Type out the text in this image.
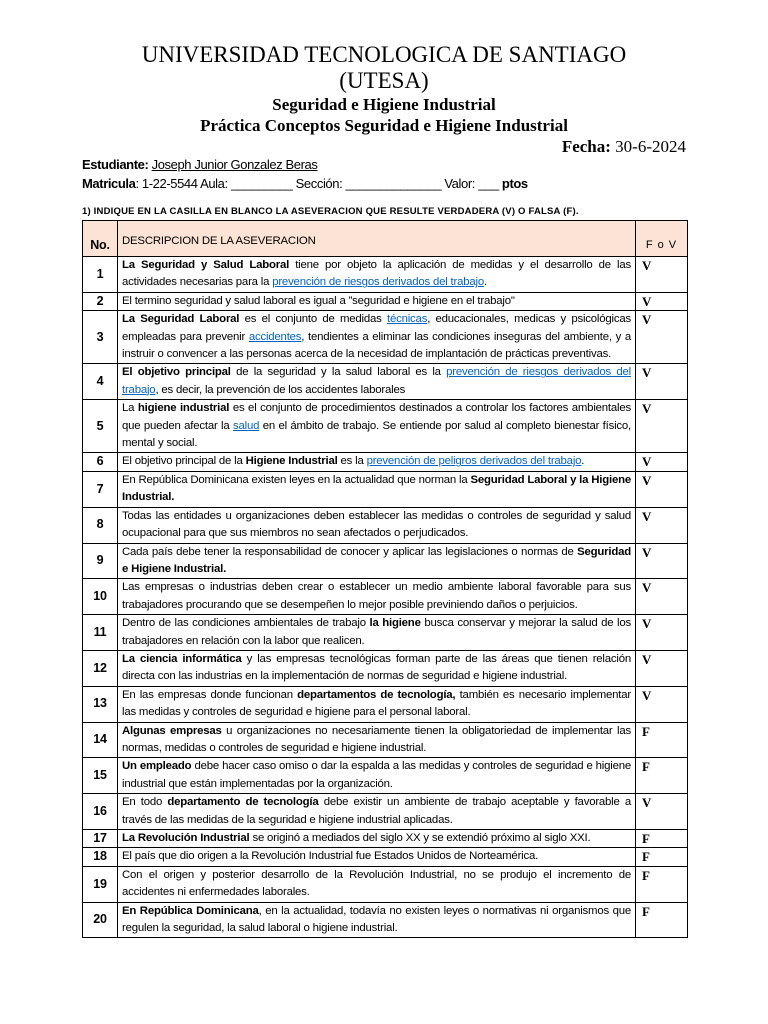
UNIVERSIDAD TECNOLOGICA DE SANTIAGO
(UTESA)
Seguridad e Higiene Industrial
Práctica Conceptos Seguridad e Higiene Industrial
Fecha: 30-6-2024
Estudiante: Joseph Junior Gonzalez Beras
Matricula: 1-22-5544 Aula: _________ Sección: ______________ Valor: ___ ptos
1) INDIQUE EN LA CASILLA EN BLANCO LA ASEVERACION QUE RESULTE VERDADERA (V) O FALSA (F).
No.	DESCRIPCION DE LA ASEVERACION	F o V
1	La Seguridad y Salud Laboral tiene por objeto la aplicación de medidas y el desarrollo de las actividades necesarias para la prevención de riesgos derivados del trabajo.	V
2	El termino seguridad y salud laboral es igual a ”seguridad e higiene en el trabajo"	V
3	La Seguridad Laboral es el conjunto de medidas técnicas, educacionales, medicas y psicológicas empleadas para prevenir accidentes, tendientes a eliminar las condiciones inseguras del ambiente, y a instruir o convencer a las personas acerca de la necesidad de implantación de prácticas preventivas.	V
4	El objetivo principal de la seguridad y la salud laboral es la prevención de riesgos derivados del trabajo, es decir, la prevención de los accidentes laborales	V
5	La higiene industrial es el conjunto de procedimientos destinados a controlar los factores ambientales que pueden afectar la salud en el ámbito de trabajo. Se entiende por salud al completo bienestar físico, mental y social.	V
6	El objetivo principal de la Higiene Industrial es la prevención de peligros derivados del trabajo.	V
7	En República Dominicana existen leyes en la actualidad que norman la Seguridad Laboral y la Higiene Industrial.	V
8	Todas las entidades u organizaciones deben establecer las medidas o controles de seguridad y salud ocupacional para que sus miembros no sean afectados o perjudicados.	V
9	Cada país debe tener la responsabilidad de conocer y aplicar las legislaciones o normas de Seguridad e Higiene Industrial.	V
10	Las empresas o industrias deben crear o establecer un medio ambiente laboral favorable para sus trabajadores procurando que se desempeñen lo mejor posible previniendo daños o perjuicios.	V
11	Dentro de las condiciones ambientales de trabajo la higiene busca conservar y mejorar la salud de los trabajadores en relación con la labor que realicen.	V
12	La ciencia informática y las empresas tecnológicas forman parte de las áreas que tienen relación directa con las industrias en la implementación de normas de seguridad e higiene industrial.	V
13	En las empresas donde funcionan departamentos de tecnología, también es necesario implementar las medidas y controles de seguridad e higiene para el personal laboral.	V
14	Algunas empresas u organizaciones no necesariamente tienen la obligatoriedad de implementar las normas, medidas o controles de seguridad e higiene industrial.	F
15	Un empleado debe hacer caso omiso o dar la espalda a las medidas y controles de seguridad e higiene industrial que están implementadas por la organización.	F
16	En todo departamento de tecnología debe existir un ambiente de trabajo aceptable y favorable a través de las medidas de la seguridad e higiene industrial aplicadas.	V
17	La Revolución Industrial se originó a mediados del siglo XX y se extendió próximo al siglo XXI.	F
18	El país que dio origen a la Revolución Industrial fue Estados Unidos de Norteamérica.	F
19	Con el origen y posterior desarrollo de la Revolución Industrial, no se produjo el incremento de accidentes ni enfermedades laborales.	F
20	En República Dominicana, en la actualidad, todavía no existen leyes o normativas ni organismos que regulen la seguridad, la salud laboral o higiene industrial.	F
